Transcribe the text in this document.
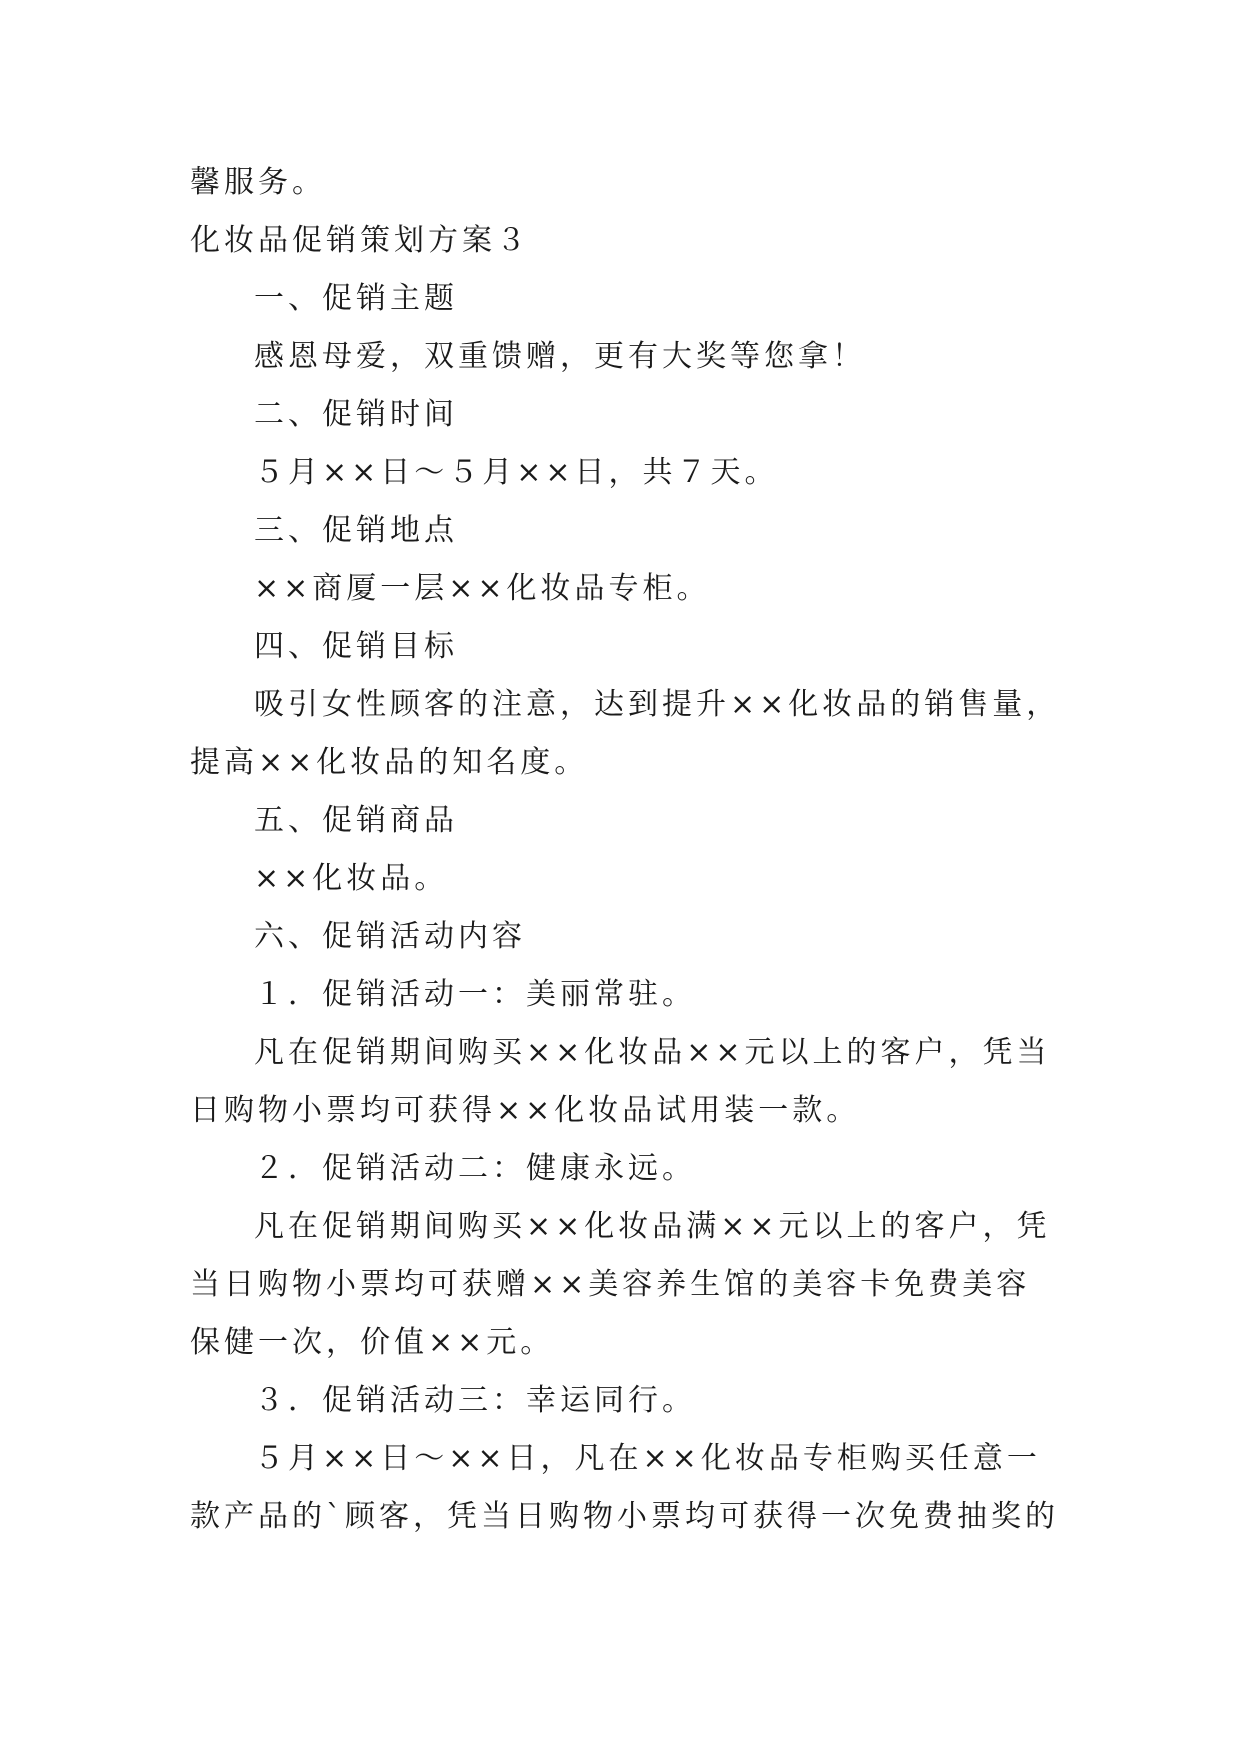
馨服务。
化妆品促销策划方案３
一、促销主题
感恩母爱，双重馈赠，更有大奖等您拿！
二、促销时间
５月××日～５月××日，共７天。
三、促销地点
××商厦一层××化妆品专柜。
四、促销目标
吸引女性顾客的注意，达到提升××化妆品的销售量，
提高××化妆品的知名度。
五、促销商品
××化妆品。
六、促销活动内容
１．促销活动一：美丽常驻。
凡在促销期间购买××化妆品××元以上的客户，凭当
日购物小票均可获得××化妆品试用装一款。
２．促销活动二：健康永远。
凡在促销期间购买××化妆品满××元以上的客户，凭
当日购物小票均可获赠××美容养生馆的美容卡免费美容
保健一次，价值××元。
３．促销活动三：幸运同行。
５月××日～××日，凡在××化妆品专柜购买任意一
款产品的`顾客，凭当日购物小票均可获得一次免费抽奖的
